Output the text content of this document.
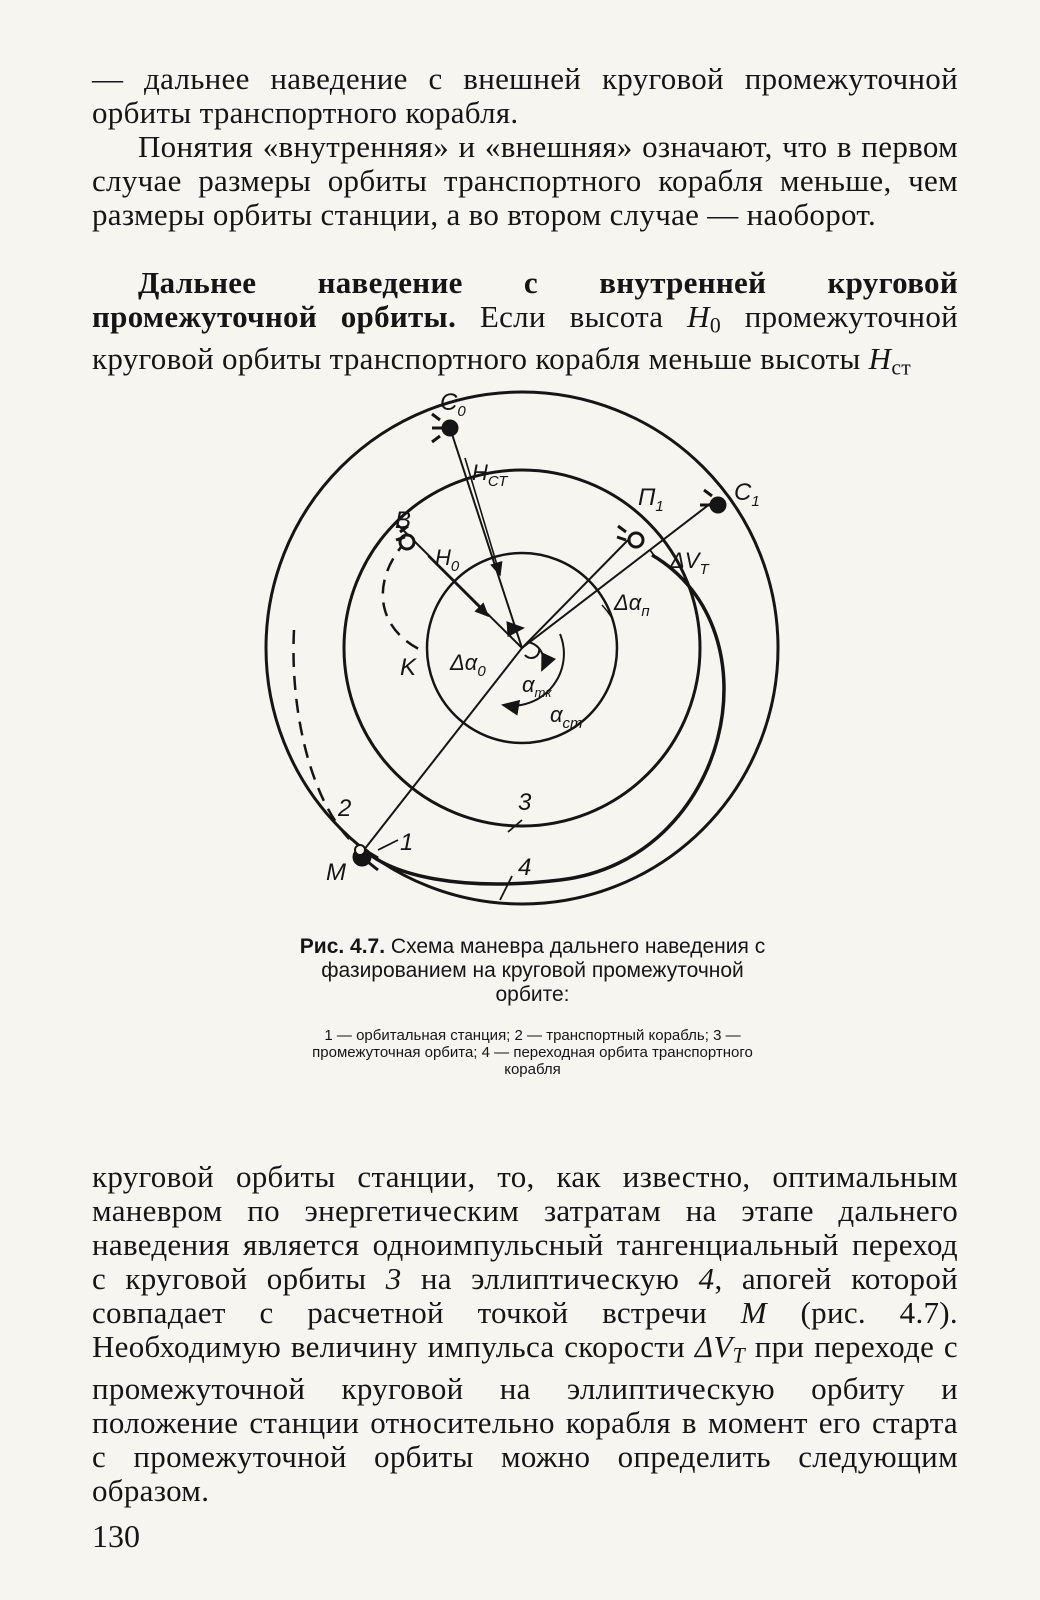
— дальнее наведение с внешней круговой промежуточной орбиты транспортного корабля.

Понятия «внутренняя» и «внешняя» означают, что в первом случае размеры орбиты транспортного корабля меньше, чем размеры орбиты станции, а во втором случае — наоборот.

Дальнее наведение с внутренней круговой промежуточной орбиты. Если высота $H_0$ промежуточной круговой орбиты транспортного корабля меньше высоты $H_{ст}$

$C_0$
$C_1$
$H_{СТ}$
$H_0$
B
$П_1$
$\Delta V_T$
$\Delta\alpha_п$
$\Delta\alpha_0$
$\alpha_{тк}$
$\alpha_{ст}$
K
M
1
2	3
4

Рис. 4.7. Схема маневра дальнего наведения с фазированием на круговой промежуточной орбите:

1 — орбитальная станция; 2 — транспортный корабль; 3 — промежуточная орбита; 4 — переходная орбита транспортного корабля

круговой орбиты станции, то, как известно, оптимальным маневром по энергетическим затратам на этапе дальнего наведения является одноимпульсный тангенциальный переход с круговой орбиты 3 на эллиптическую 4, апогей которой совпадает с расчетной точкой встречи M (рис. 4.7). Необходимую величину импульса скорости $\Delta V_T$ при переходе с промежуточной круговой на эллиптическую орбиту и положение станции относительно корабля в момент его старта с промежуточной орбиты можно определить следующим образом.

130
